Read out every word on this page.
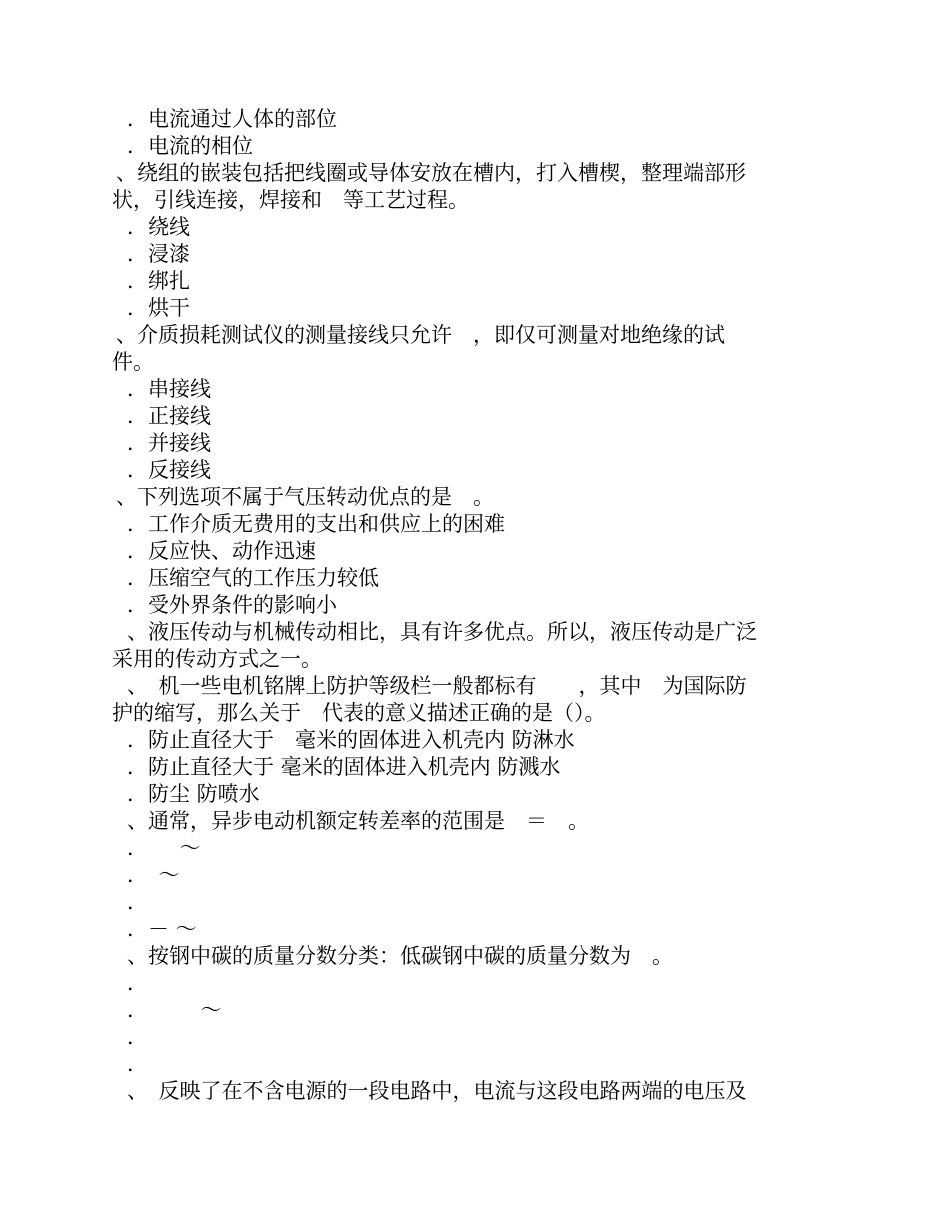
．电流通过人体的部位
．电流的相位
、绕组的嵌装包括把线圈或导体安放在槽内，打入槽楔，整理端部形
状，引线连接，焊接和　等工艺过程。
．绕线
．浸漆
．绑扎
．烘干
、介质损耗测试仪的测量接线只允许　，即仅可测量对地绝缘的试
件。
．串接线
．正接线
．并接线
．反接线
、下列选项不属于气压转动优点的是　。
．工作介质无费用的支出和供应上的困难
．反应快、动作迅速
．压缩空气的工作压力较低
．受外界条件的影响小
、液压传动与机械传动相比，具有许多优点。所以，液压传动是广泛
采用的传动方式之一。
、　机一些电机铭牌上防护等级栏一般都标有　　，其中　为国际防
护的缩写，那么关于　代表的意义描述正确的是（）。
．防止直径大于　毫米的固体进入机壳内 防淋水
．防止直径大于 毫米的固体进入机壳内 防溅水
．防尘 防喷水
、通常，异步电动机额定转差率的范围是　＝　。
．　　～
．　～
．
．－ ～
、按钢中碳的质量分数分类：低碳钢中碳的质量分数为　。
．
．　　　～
．
．
、　反映了在不含电源的一段电路中，电流与这段电路两端的电压及
